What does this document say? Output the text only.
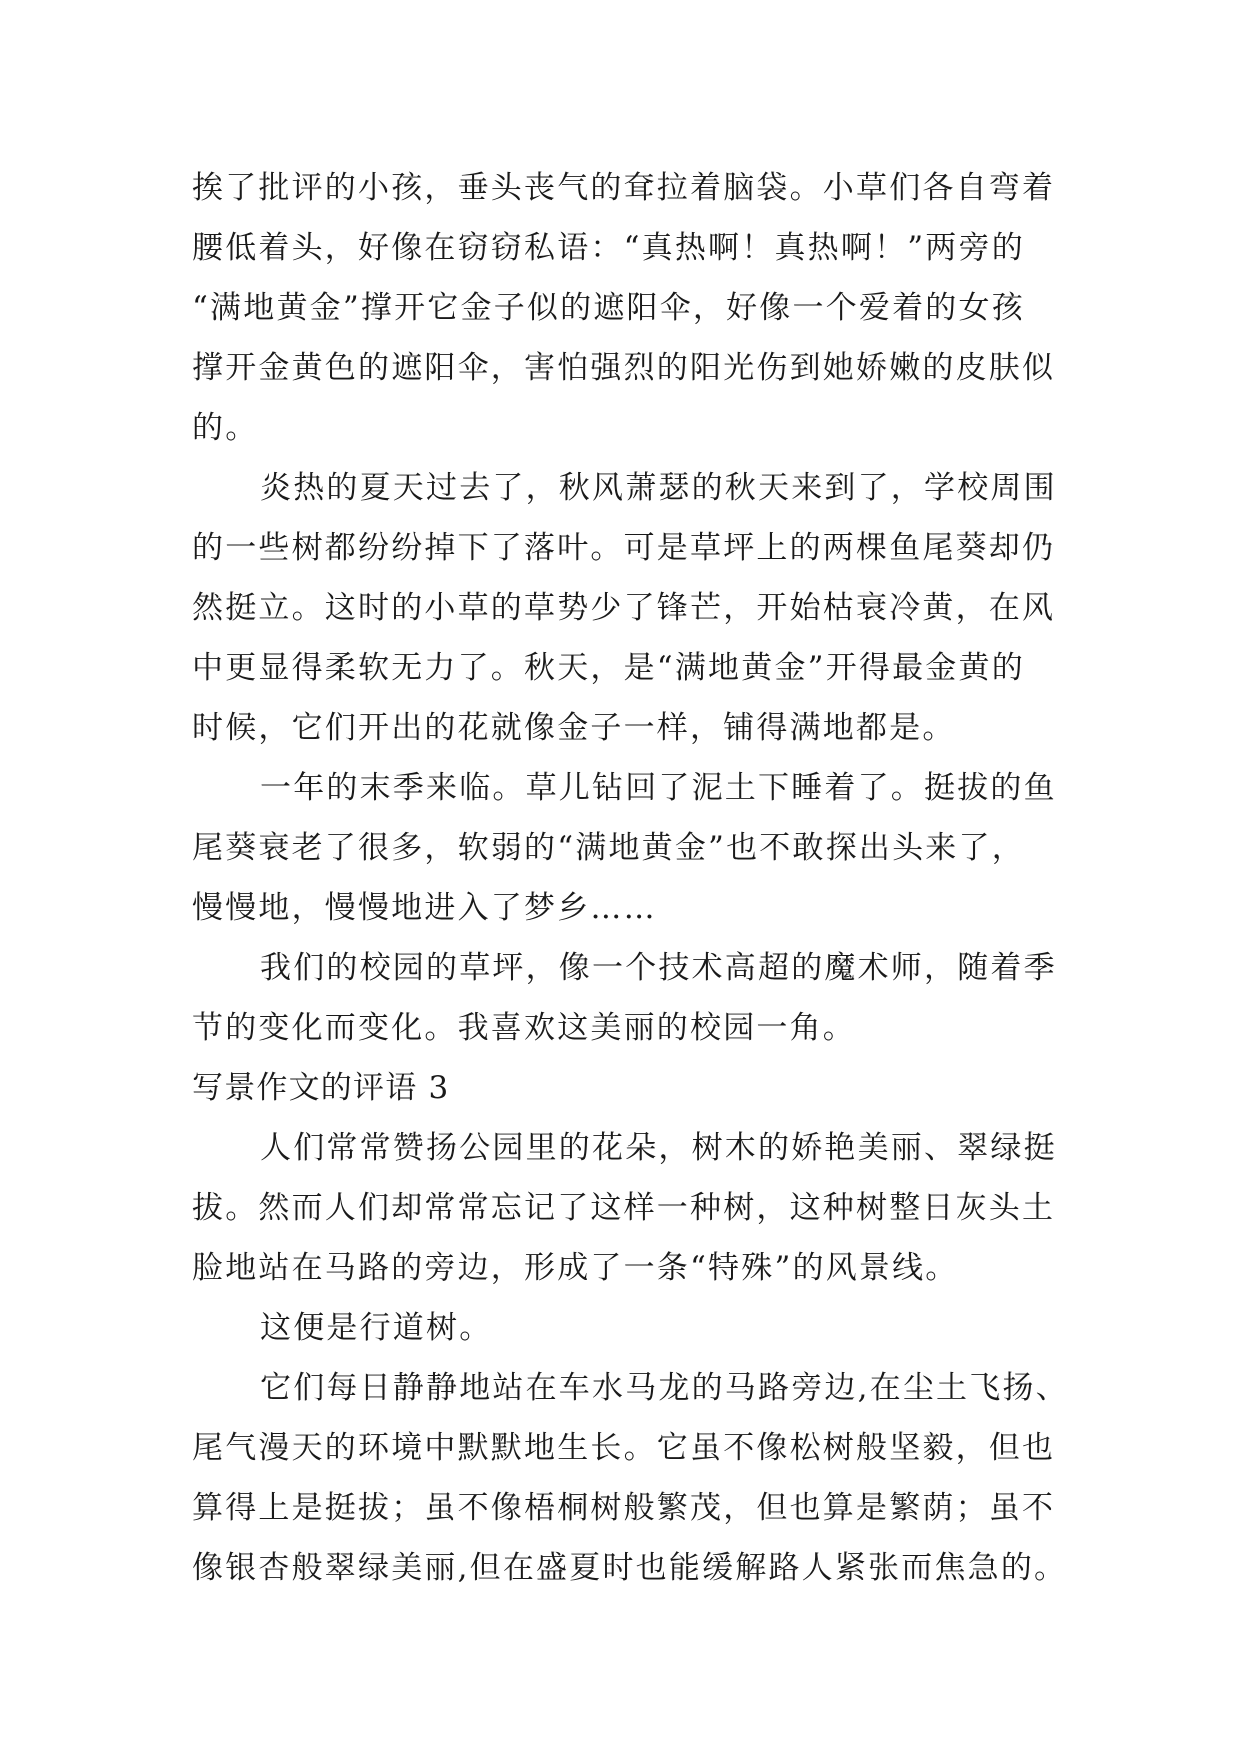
挨了批评的小孩，垂头丧气的耷拉着脑袋。小草们各自弯着
腰低着头，好像在窃窃私语：“真热啊！真热啊！”两旁的
“满地黄金”撑开它金子似的遮阳伞，好像一个爱着的女孩
撑开金黄色的遮阳伞，害怕强烈的阳光伤到她娇嫩的皮肤似
的。
炎热的夏天过去了，秋风萧瑟的秋天来到了，学校周围
的一些树都纷纷掉下了落叶。可是草坪上的两棵鱼尾葵却仍
然挺立。这时的小草的草势少了锋芒，开始枯衰冷黄，在风
中更显得柔软无力了。秋天，是“满地黄金”开得最金黄的
时候，它们开出的花就像金子一样，铺得满地都是。
一年的末季来临。草儿钻回了泥土下睡着了。挺拔的鱼
尾葵衰老了很多，软弱的“满地黄金”也不敢探出头来了，
慢慢地，慢慢地进入了梦乡……
我们的校园的草坪，像一个技术高超的魔术师，随着季
节的变化而变化。我喜欢这美丽的校园一角。
写景作文的评语 3
人们常常赞扬公园里的花朵，树木的娇艳美丽、翠绿挺
拔。然而人们却常常忘记了这样一种树，这种树整日灰头土
脸地站在马路的旁边，形成了一条“特殊”的风景线。
这便是行道树。
它们每日静静地站在车水马龙的马路旁边,在尘土飞扬、
尾气漫天的环境中默默地生长。它虽不像松树般坚毅，但也
算得上是挺拔；虽不像梧桐树般繁茂，但也算是繁荫；虽不
像银杏般翠绿美丽,但在盛夏时也能缓解路人紧张而焦急的。
